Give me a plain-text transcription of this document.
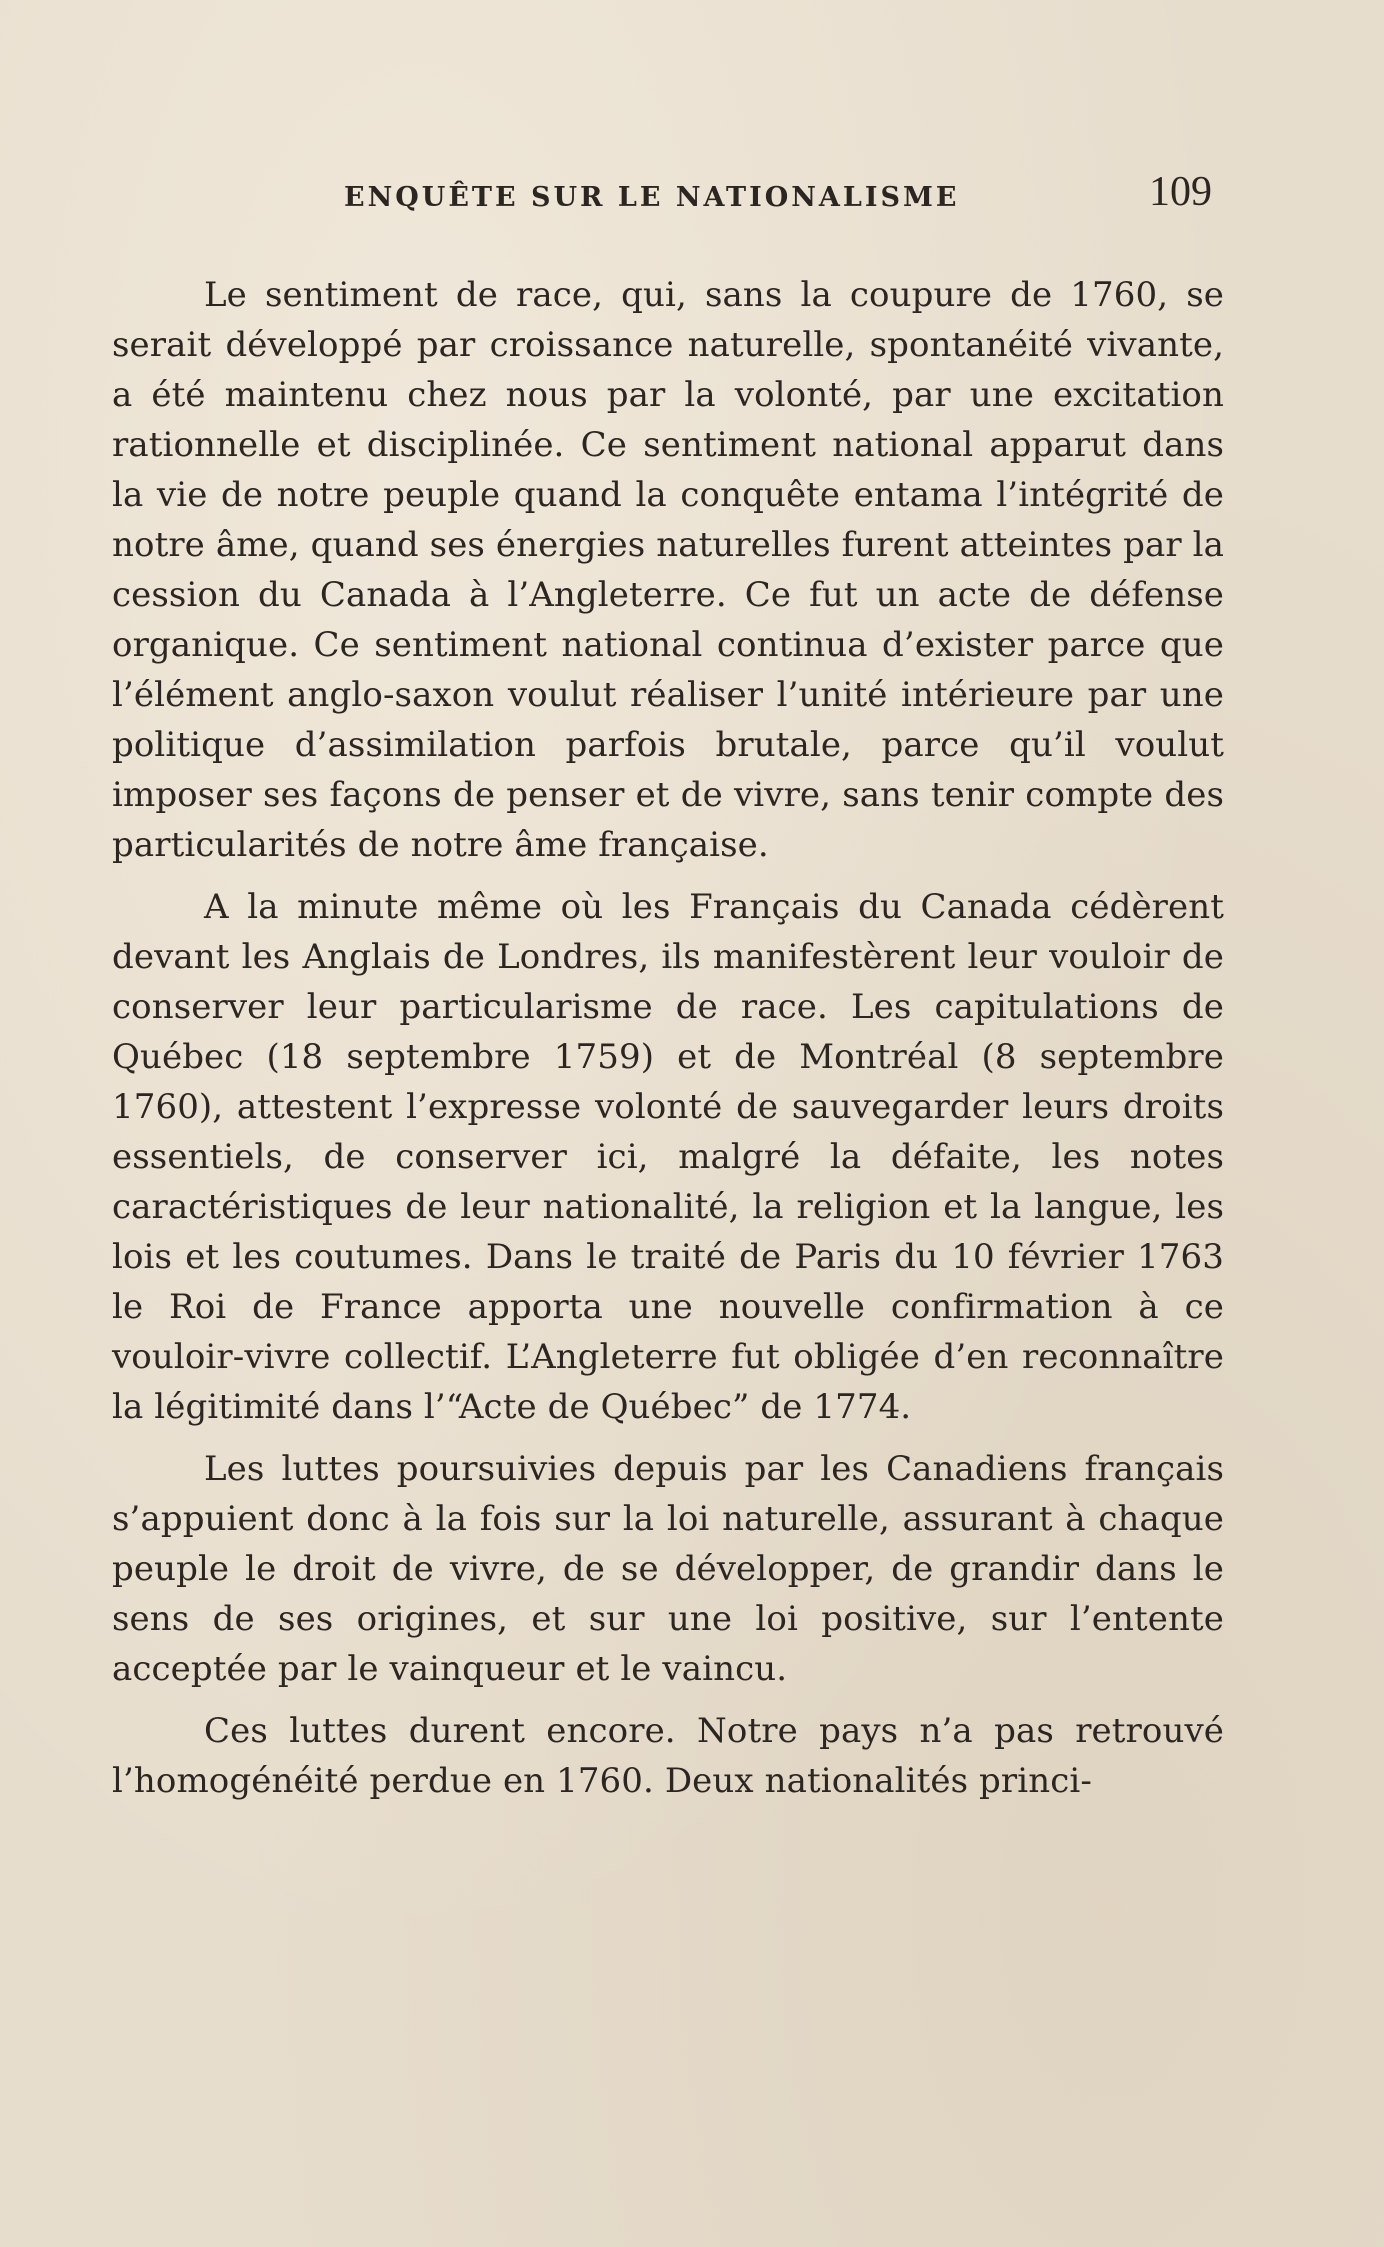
ENQUÊTE SUR LE NATIONALISME	109

Le sentiment de race, qui, sans la coupure de 1760, se serait développé par croissance naturelle, spontanéité vivante, a été maintenu chez nous par la volonté, par une excitation rationnelle et disciplinée. Ce sentiment national apparut dans la vie de notre peuple quand la conquête entama l’intégrité de notre âme, quand ses énergies naturelles furent atteintes par la cession du Canada à l’Angleterre. Ce fut un acte de défense organique. Ce sentiment national continua d’exister parce que l’élément anglo-saxon voulut réaliser l’unité intérieure par une politique d’assimilation parfois brutale, parce qu’il voulut imposer ses façons de penser et de vivre, sans tenir compte des particularités de notre âme française.

A la minute même où les Français du Canada cédèrent devant les Anglais de Londres, ils manifestèrent leur vouloir de conserver leur particularisme de race. Les capitulations de Québec (18 septembre 1759) et de Montréal (8 septembre 1760), attestent l’expresse volonté de sauvegarder leurs droits essentiels, de conserver ici, malgré la défaite, les notes caractéristiques de leur nationalité, la religion et la langue, les lois et les coutumes. Dans le traité de Paris du 10 février 1763 le Roi de France apporta une nouvelle confirmation à ce vouloir-vivre collectif. L’Angleterre fut obligée d’en reconnaître la légitimité dans l’“Acte de Québec” de 1774.

Les luttes poursuivies depuis par les Canadiens français s’appuient donc à la fois sur la loi naturelle, assurant à chaque peuple le droit de vivre, de se développer, de grandir dans le sens de ses origines, et sur une loi positive, sur l’entente acceptée par le vainqueur et le vaincu.

Ces luttes durent encore. Notre pays n’a pas retrouvé l’homogénéité perdue en 1760. Deux nationalités princi-
